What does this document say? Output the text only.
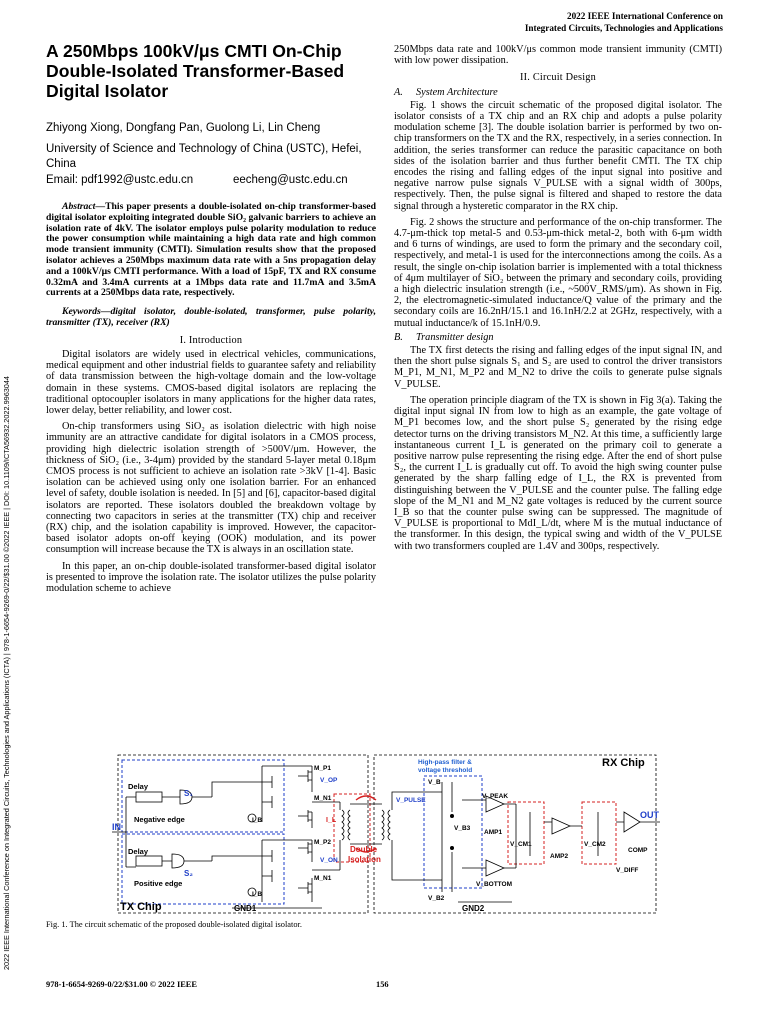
2022 IEEE International Conference on
Integrated Circuits, Technologies and Applications
2022 IEEE International Conference on Integrated Circuits, Technologies and Applications (ICTA) | 978-1-6654-9269-0/22/$31.00 ©2022 IEEE | DOI: 10.1109/ICTA56932.2022.9963044
A 250Mbps 100kV/μs CMTI On-Chip Double-Isolated Transformer-Based Digital Isolator
Zhiyong Xiong, Dongfang Pan, Guolong Li, Lin Cheng
University of Science and Technology of China (USTC), Hefei, China
Email: pdf1992@ustc.edu.cn	eecheng@ustc.edu.cn

Abstract—This paper presents a double-isolated on-chip transformer-based digital isolator exploiting integrated double SiO₂ galvanic barriers to achieve an isolation rate of 4kV. The isolator employs pulse polarity modulation to reduce the power consumption while maintaining a high data rate and high common mode transient immunity (CMTI). Simulation results show that the proposed isolator achieves a 250Mbps maximum data rate with a 5ns propagation delay and a 100kV/μs CMTI performance. With a load of 15pF, TX and RX consume 0.32mA and 3.4mA currents at a 1Mbps data rate and 11.7mA and 3.5mA currents at a 250Mbps data rate, respectively.

Keywords—digital isolator, double-isolated, transformer, pulse polarity, transmitter (TX), receiver (RX)

I. Introduction

Digital isolators are widely used in electrical vehicles, communications, medical equipment and other industrial fields to guarantee safety and reliability of data transmission between the high-voltage domain and the low-voltage domain in these systems. CMOS-based digital isolators are replacing the traditional optocoupler isolators in many applications for the higher data rates, lower delay, better reliability, and lower cost.

On-chip transformers using SiO₂ as isolation dielectric with high noise immunity are an attractive candidate for digital isolators in a CMOS process, providing high dielectric isolation strength of >500V/μm. However, the thickness of SiO₂ (i.e., 3-4μm) provided by the standard 5-layer metal 0.18μm CMOS process is not sufficient to achieve an isolation rate >3kV [1-4]. Basic isolation can be achieved using only one isolation barrier. For an enhanced level of safety, double isolation is needed. In [5] and [6], capacitor-based digital isolators are reported. These isolators doubled the breakdown voltage by connecting two capacitors in series at the transmitter (TX) chip and receiver (RX) chip, and the isolation capability is improved. However, the capacitor-based isolator adopts on-off keying (OOK) modulation, and its power consumption will increase because the TX is always in an oscillation state.

In this paper, an on-chip double-isolated transformer-based digital isolator is presented to improve the isolation rate. The isolator utilizes the pulse polarity modulation scheme to achieve

250Mbps data rate and 100kV/μs common mode transient immunity (CMTI) with low power dissipation.

II. Circuit Design
A. System Architecture

Fig. 1 shows the circuit schematic of the proposed digital isolator. The isolator consists of a TX chip and an RX chip and adopts a pulse polarity modulation scheme [3]. The double isolation barrier is performed by two on-chip transformers on the TX and the RX, respectively, in a series connection. In addition, the series transformer can reduce the parasitic capacitance on both sides of the isolation barrier and thus further benefit CMTI. The TX chip encodes the rising and falling edges of the input signal into positive and negative narrow pulse signals V_PULSE with a signal width of 300ps, respectively. Then, the pulse signal is filtered and shaped to restore the data signal through a hysteretic comparator in the RX chip.

Fig. 2 shows the structure and performance of the on-chip transformer. The 4.7-μm-thick top metal-5 and 0.53-μm-thick metal-2, both with 6-μm width and 6 turns of windings, are used to form the primary and the secondary coil, respectively, and metal-1 is used for the interconnections among the coils. As a result, the single on-chip isolation barrier is implemented with a total thickness of 4μm multilayer of SiO₂ between the primary and secondary coils, providing a high dielectric insulation strength (i.e., ~500V_RMS/μm). As shown in Fig. 2, the electromagnetic-simulated inductance/Q value of the primary and the secondary coils are 16.2nH/15.1 and 16.1nH/2.2 at 2GHz, respectively, with a mutual inductance/k of 15.1nH/0.9.

B. Transmitter design

The TX first detects the rising and falling edges of the input signal IN, and then the short pulse signals S₁ and S₂ are used to control the driver transistors M_P1, M_N1, M_P2 and M_N2 to drive the coils to generate pulse signals V_PULSE.

The operation principle diagram of the TX is shown in Fig 3(a). Taking the digital input signal IN from low to high as an example, the gate voltage of M_P1 becomes low, and the short pulse S₂ generated by the rising edge detector turns on the driving transistors M_N2. At this time, a sufficiently large instantaneous current I_L is generated on the primary coil to generate a positive narrow pulse representing the rising edge. After the end of short pulse S₂, the current I_L is gradually cut off. To avoid the high swing counter pulse generated by the sharp falling edge of I_L, the RX is prevented from distinguishing between the V_PULSE and the counter pulse. The falling edge slope of the M_N1 and M_N2 gate voltages is reduced by the current source I_B so that the counter pulse swing can be suppressed. The magnitude of V_PULSE is proportional to MdI_L/dt, where M is the mutual inductance of the transformer. In this design, the typical swing and width of the V_PULSE with two transformers coupled are 1.4V and 300ps, respectively.

IN
OUT
TX Chip
RX Chip
GND1	GND2
Delay
Delay
S₁
S₂
Negative edge
Positive edge
I_B
I_B
M_P1
M_N1
M_P2
M_N1
V_OP
V_ON
I_L
Double
Isolation
High-pass filter &
voltage threshold
V_PULSE
V_B
V_PEAK
V_B3
AMP1
V_CM1
AMP2
V_CM2
COMP
V_DIFF
V_BOTTOM
V_B2
Fig. 1. The circuit schematic of the proposed double-isolated digital isolator.
978-1-6654-9269-0/22/$31.00 © 2022 IEEE	156
